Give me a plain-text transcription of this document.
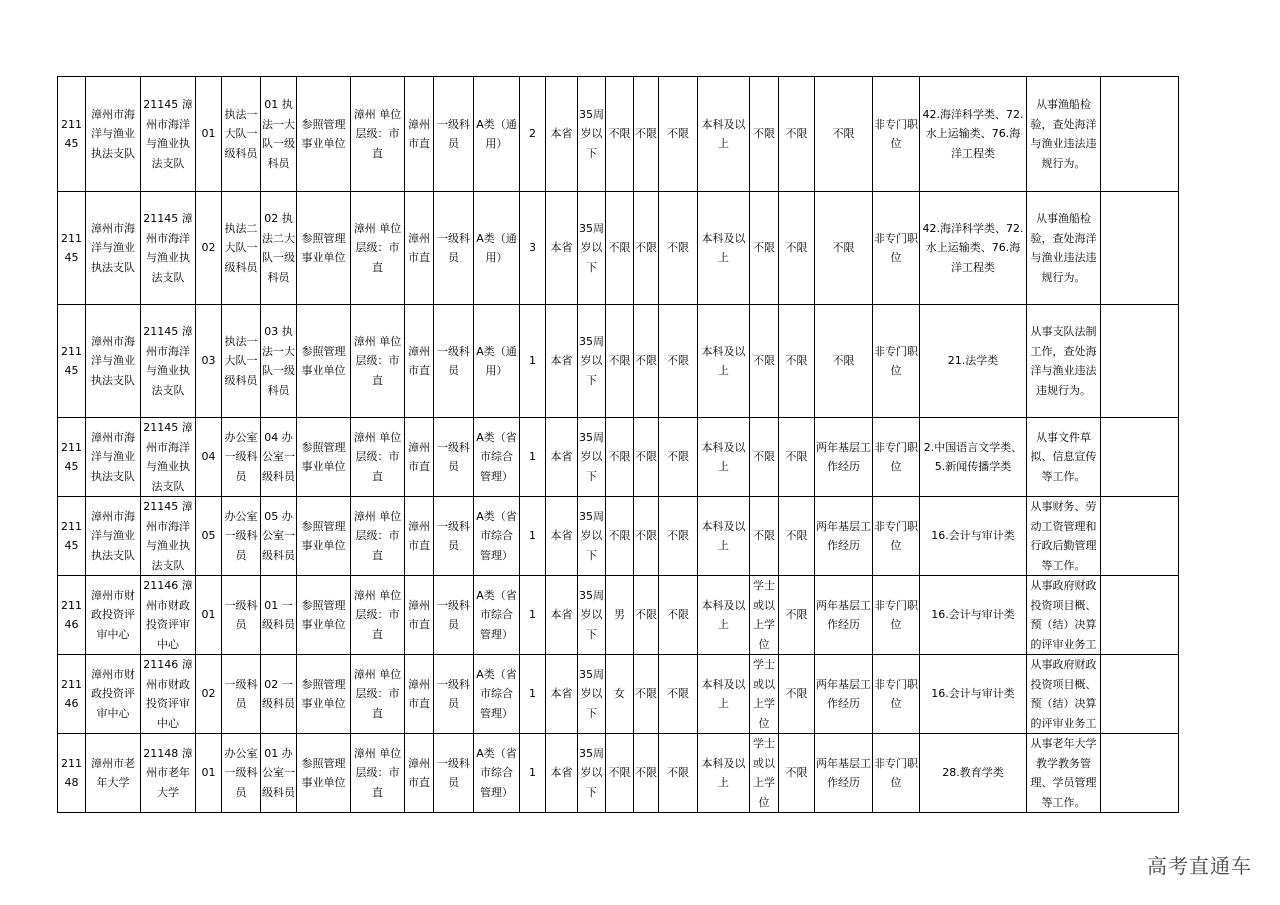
21145	漳州市海洋与渔业执法支队	21145 漳州市海洋与渔业执法支队	01	执法一大队一级科员	01 执法一大队一级科员	参照管理事业单位	漳州 单位层级：市直	漳州市直	一级科员	A类（通用）	2	本省	35周岁以下	不限	不限	不限	本科及以上	不限	不限	不限	非专门职位	42.海洋科学类、72.水上运输类、76.海洋工程类	从事渔船检验，查处海洋与渔业违法违规行为。	
21145	漳州市海洋与渔业执法支队	21145 漳州市海洋与渔业执法支队	02	执法二大队一级科员	02 执法二大队一级科员	参照管理事业单位	漳州 单位层级：市直	漳州市直	一级科员	A类（通用）	3	本省	35周岁以下	不限	不限	不限	本科及以上	不限	不限	不限	非专门职位	42.海洋科学类、72.水上运输类、76.海洋工程类	从事渔船检验，查处海洋与渔业违法违规行为。	
21145	漳州市海洋与渔业执法支队	21145 漳州市海洋与渔业执法支队	03	执法一大队一级科员	03 执法一大队一级科员	参照管理事业单位	漳州 单位层级：市直	漳州市直	一级科员	A类（通用）	1	本省	35周岁以下	不限	不限	不限	本科及以上	不限	不限	不限	非专门职位	21.法学类	从事支队法制工作，查处海洋与渔业违法违规行为。	
21145	漳州市海洋与渔业执法支队	21145 漳州市海洋与渔业执法支队	04	办公室一级科员	04 办公室一级科员	参照管理事业单位	漳州 单位层级：市直	漳州市直	一级科员	A类（省市综合管理）	1	本省	35周岁以下	不限	不限	不限	本科及以上	不限	不限	两年基层工作经历	非专门职位	2.中国语言文学类、5.新闻传播学类	从事文件草拟、信息宣传等工作。	
21145	漳州市海洋与渔业执法支队	21145 漳州市海洋与渔业执法支队	05	办公室一级科员	05 办公室一级科员	参照管理事业单位	漳州 单位层级：市直	漳州市直	一级科员	A类（省市综合管理）	1	本省	35周岁以下	不限	不限	不限	本科及以上	不限	不限	两年基层工作经历	非专门职位	16.会计与审计类	从事财务、劳动工资管理和行政后勤管理等工作。	
21146	漳州市财政投资评审中心	21146 漳州市财政投资评审中心	01	一级科员	01 一级科员	参照管理事业单位	漳州 单位层级：市直	漳州市直	一级科员	A类（省市综合管理）	1	本省	35周岁以下	男	不限	不限	本科及以上	学士或以上学位	不限	两年基层工作经历	非专门职位	16.会计与审计类	从事政府财政投资项目概、预（结）决算的评审业务工	
21146	漳州市财政投资评审中心	21146 漳州市财政投资评审中心	02	一级科员	02 一级科员	参照管理事业单位	漳州 单位层级：市直	漳州市直	一级科员	A类（省市综合管理）	1	本省	35周岁以下	女	不限	不限	本科及以上	学士或以上学位	不限	两年基层工作经历	非专门职位	16.会计与审计类	从事政府财政投资项目概、预（结）决算的评审业务工	
21148	漳州市老年大学	21148 漳州市老年大学	01	办公室一级科员	01 办公室一级科员	参照管理事业单位	漳州 单位层级：市直	漳州市直	一级科员	A类（省市综合管理）	1	本省	35周岁以下	不限	不限	不限	本科及以上	学士或以上学位	不限	两年基层工作经历	非专门职位	28.教育学类	从事老年大学教学教务管理、学员管理等工作。	
高考直通车
